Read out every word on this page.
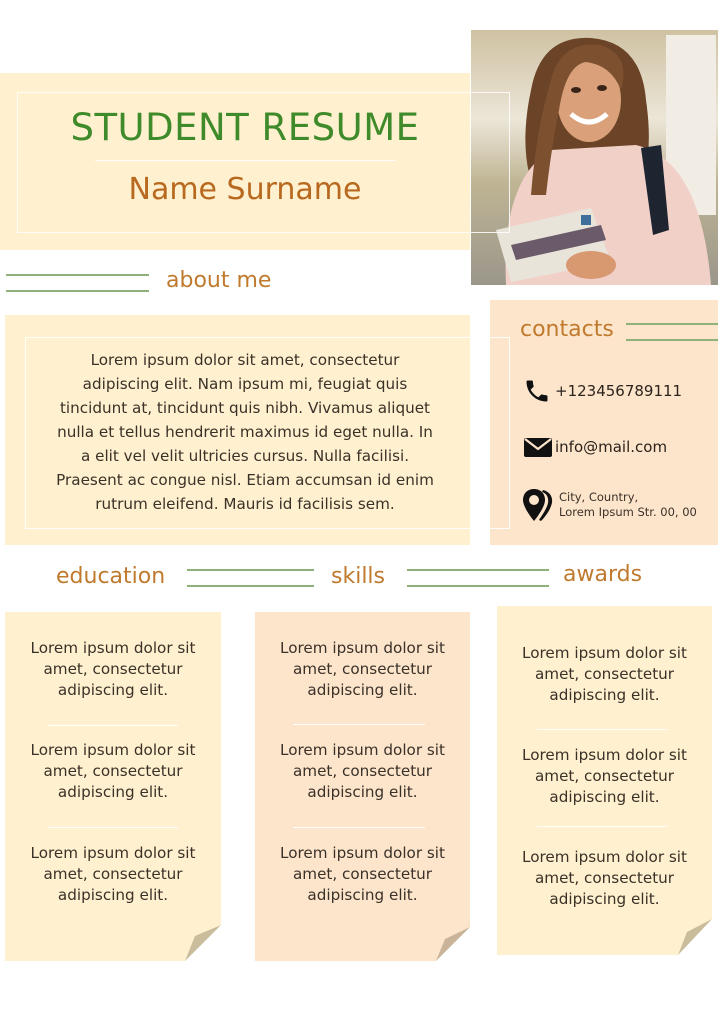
STUDENT RESUME
Name Surname
about me
Lorem ipsum dolor sit amet, consectetur
adipiscing elit. Nam ipsum mi, feugiat quis
tincidunt at, tincidunt quis nibh. Vivamus aliquet
nulla et tellus hendrerit maximus id eget nulla. In
a elit vel velit ultricies cursus. Nulla facilisi.
Praesent ac congue nisl. Etiam accumsan id enim
rutrum eleifend. Mauris id facilisis sem.
contacts
+123456789111
info@mail.com
City, Country,
Lorem Ipsum Str. 00, 00
education	skills	awards
Lorem ipsum dolor sit
amet, consectetur
adipiscing elit.
Lorem ipsum dolor sit
amet, consectetur
adipiscing elit.
Lorem ipsum dolor sit
amet, consectetur
adipiscing elit.
Lorem ipsum dolor sit
amet, consectetur
adipiscing elit.
Lorem ipsum dolor sit
amet, consectetur
adipiscing elit.
Lorem ipsum dolor sit
amet, consectetur
adipiscing elit.
Lorem ipsum dolor sit
amet, consectetur
adipiscing elit.
Lorem ipsum dolor sit
amet, consectetur
adipiscing elit.
Lorem ipsum dolor sit
amet, consectetur
adipiscing elit.
